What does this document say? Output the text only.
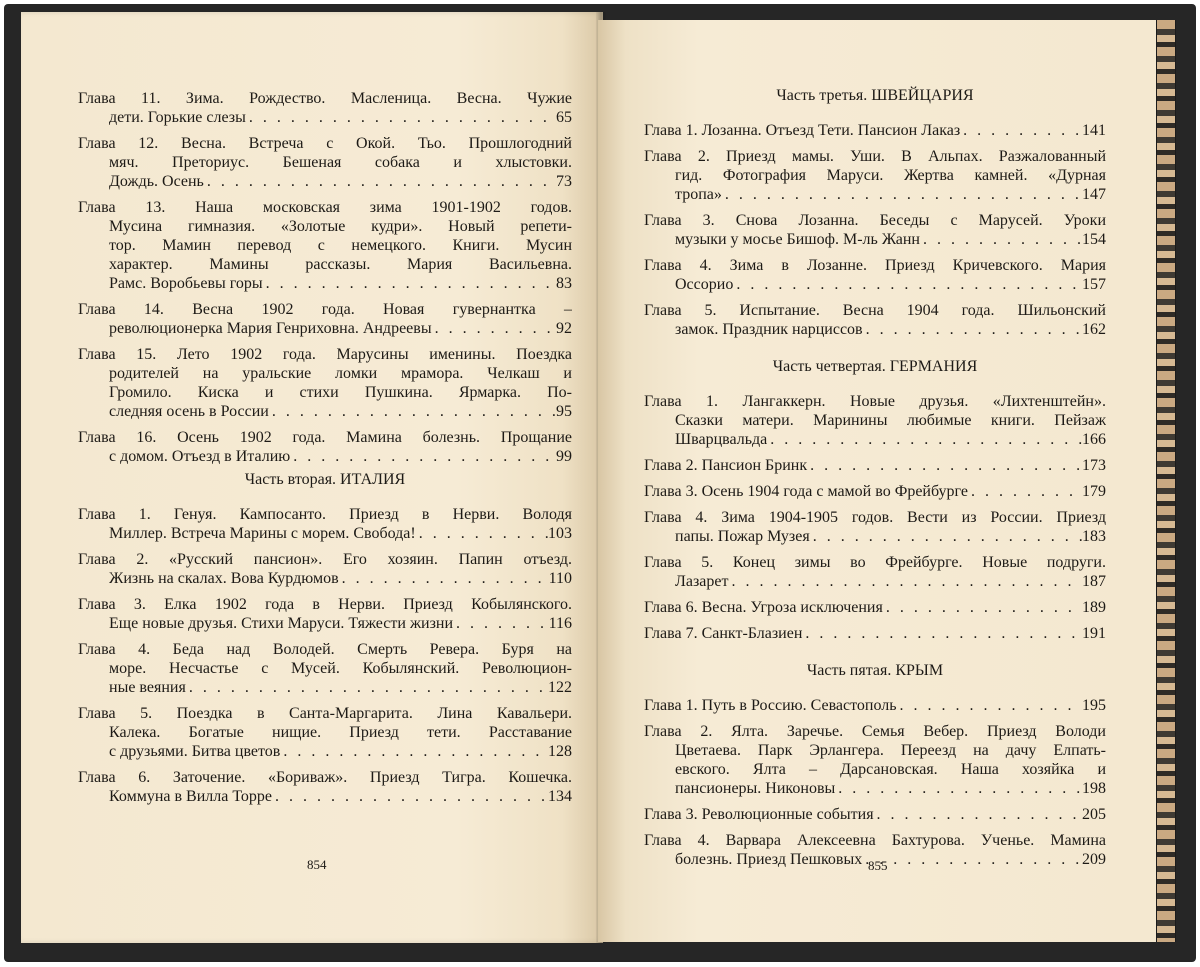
Глава 11. Зима. Рождество. Масленица. Весна. Чужие

дети. Горькие слезы . . .	65

Глава 12. Весна. Встреча с Окой. Тьо. Прошлогодний

мяч. Преториус. Бешеная собака и хлыстовки.

Дождь. Осень . . .	73

Глава 13. Наша московская зима 1901-1902 годов.

Мусина гимназия. «Золотые кудри». Новый репети-

тор. Мамин перевод с немецкого. Книги. Мусин

характер. Мамины рассказы. Мария Васильевна.

Рамс. Воробьевы горы . . .	83

Глава 14. Весна 1902 года. Новая гувернантка –

революционерка Мария Генриховна. Андреевы . . .	92

Глава 15. Лето 1902 года. Марусины именины. Поездка

родителей на уральские ломки мрамора. Челкаш и

Громило. Киска и стихи Пушкина. Ярмарка. По-

следняя осень в России . . .	95

Глава 16. Осень 1902 года. Мамина болезнь. Прощание

с домом. Отъезд в Италию . . .	99
Часть вторая. ИТАЛИЯ

Глава 1. Генуя. Кампосанто. Приезд в Нерви. Володя

Миллер. Встреча Марины с морем. Свобода! . . .	103

Глава 2. «Русский пансион». Его хозяин. Папин отъезд.

Жизнь на скалах. Вова Курдюмов . . .	110

Глава 3. Елка 1902 года в Нерви. Приезд Кобылянского.

Еще новые друзья. Стихи Маруси. Тяжести жизни . . .	116

Глава 4. Беда над Володей. Смерть Ревера. Буря на

море. Несчастье с Мусей. Кобылянский. Революцион-

ные веяния . . .	122

Глава 5. Поездка в Санта-Маргарита. Лина Кавальери.

Калека. Богатые нищие. Приезд тети. Расставание

с друзьями. Битва цветов . . .	128

Глава 6. Заточение. «Бориваж». Приезд Тигра. Кошечка.

Коммуна в Вилла Торре . . .	134
854
Часть третья. ШВЕЙЦАРИЯ
Глава 1. Лозанна. Отъезд Тети. Пансион Лаказ . . .	141

Глава 2. Приезд мамы. Уши. В Альпах. Разжалованный

гид. Фотография Маруси. Жертва камней. «Дурная

тропа» . . .	147

Глава 3. Снова Лозанна. Беседы с Марусей. Уроки

музыки у мосье Бишоф. М-ль Жанн . . .	154

Глава 4. Зима в Лозанне. Приезд Кричевского. Мария

Оссорио . . .	157

Глава 5. Испытание. Весна 1904 года. Шильонский

замок. Праздник нарциссов . . .	162
Часть четвертая. ГЕРМАНИЯ

Глава 1. Лангаккерн. Новые друзья. «Лихтенштейн».

Сказки матери. Маринины любимые книги. Пейзаж

Шварцвальда . . .	166
Глава 2. Пансион Бринк . . .	173
Глава 3. Осень 1904 года с мамой во Фрейбурге . . .	179

Глава 4. Зима 1904-1905 годов. Вести из России. Приезд

папы. Пожар Музея . . .	183

Глава 5. Конец зимы во Фрейбурге. Новые подруги.

Лазарет . . .	187
Глава 6. Весна. Угроза исключения . . .	189
Глава 7. Санкт-Блазиен . . .	191
Часть пятая. КРЫМ
Глава 1. Путь в Россию. Севастополь . . .	195

Глава 2. Ялта. Заречье. Семья Вебер. Приезд Володи

Цветаева. Парк Эрлангера. Переезд на дачу Елпать-

евского. Ялта – Дарсановская. Наша хозяйка и

пансионеры. Никоновы . . .	198
Глава 3. Революционные события . . .	205

Глава 4. Варвара Алексеевна Бахтурова. Ученье. Мамина

болезнь. Приезд Пешковых . . .	209
855
